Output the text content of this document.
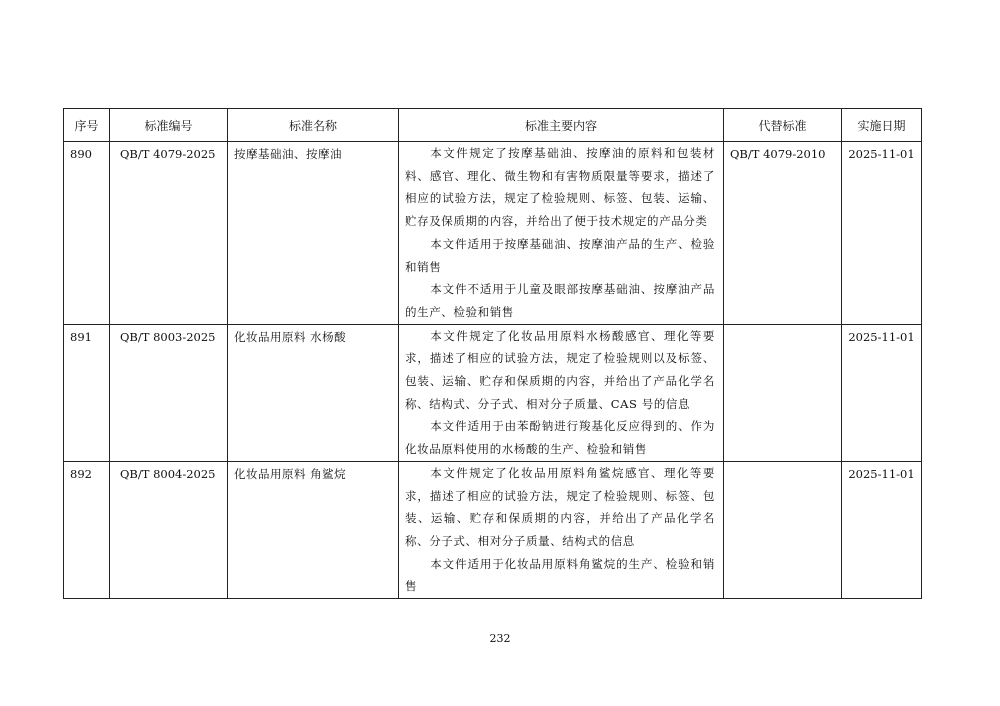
序号	标准编号	标准名称	标准主要内容	代替标准	实施日期
890	QB/T 4079-2025	按摩基础油、按摩油	本文件规定了按摩基础油、按摩油的原料和包装材料、感官、理化、微生物和有害物质限量等要求，描述了相应的试验方法，规定了检验规则、标签、包装、运输、贮存及保质期的内容，并给出了便于技术规定的产品分类

本文件适用于按摩基础油、按摩油产品的生产、检验和销售

本文件不适用于儿童及眼部按摩基础油、按摩油产品的生产、检验和销售	QB/T 4079-2010	2025-11-01
891	QB/T 8003-2025	化妆品用原料 水杨酸	本文件规定了化妆品用原料水杨酸感官、理化等要求，描述了相应的试验方法，规定了检验规则以及标签、包装、运输、贮存和保质期的内容，并给出了产品化学名称、结构式、分子式、相对分子质量、CAS 号的信息

本文件适用于由苯酚钠进行羧基化反应得到的、作为化妆品原料使用的水杨酸的生产、检验和销售		2025-11-01
892	QB/T 8004-2025	化妆品用原料 角鲨烷	本文件规定了化妆品用原料角鲨烷感官、理化等要求，描述了相应的试验方法，规定了检验规则、标签、包装、运输、贮存和保质期的内容，并给出了产品化学名称、分子式、相对分子质量、结构式的信息

本文件适用于化妆品用原料角鲨烷的生产、检验和销售		2025-11-01
232
